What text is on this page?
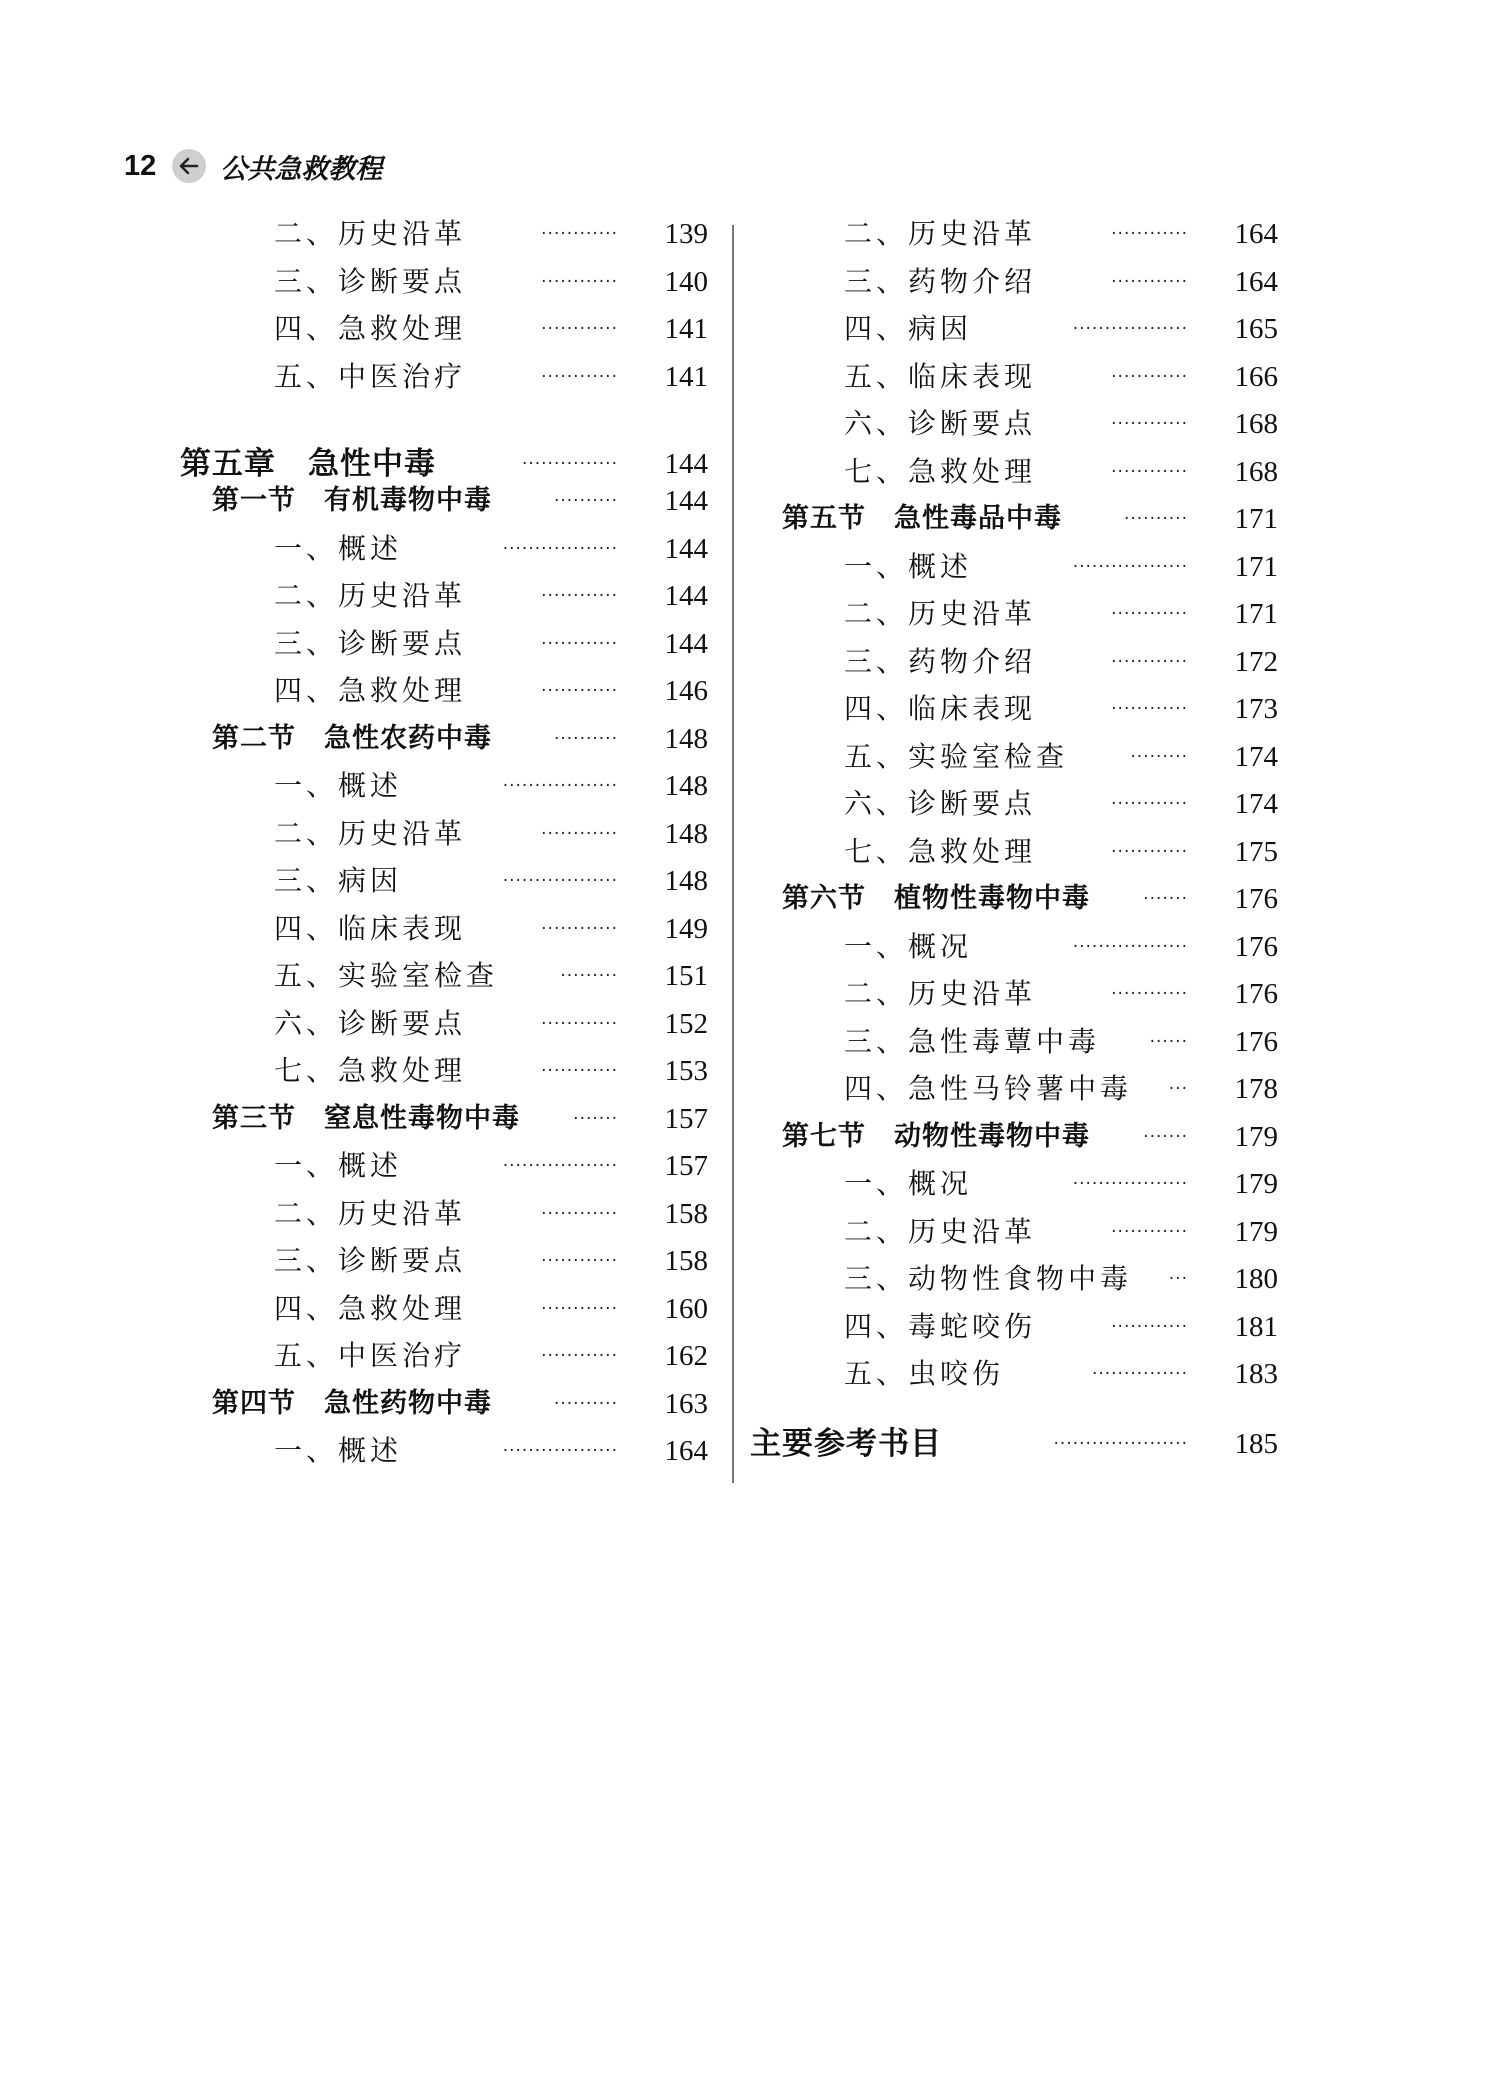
12 公共急救教程
二、历史沿革	············	139
三、诊断要点	············	140
四、急救处理	············	141
五、中医治疗	············	141
第五章　急性中毒	···············	144
第一节　有机毒物中毒	··········	144
一、概述	··················	144
二、历史沿革	············	144
三、诊断要点	············	144
四、急救处理	············	146
第二节　急性农药中毒	··········	148
一、概述	··················	148
二、历史沿革	············	148
三、病因	··················	148
四、临床表现	············	149
五、实验室检查	·········	151
六、诊断要点	············	152
七、急救处理	············	153
第三节　窒息性毒物中毒	·······	157
一、概述	··················	157
二、历史沿革	············	158
三、诊断要点	············	158
四、急救处理	············	160
五、中医治疗	············	162
第四节　急性药物中毒	··········	163
一、概述	··················	164
二、历史沿革	············	164
三、药物介绍	············	164
四、病因	··················	165
五、临床表现	············	166
六、诊断要点	············	168
七、急救处理	············	168
第五节　急性毒品中毒	··········	171
一、概述	··················	171
二、历史沿革	············	171
三、药物介绍	············	172
四、临床表现	············	173
五、实验室检查	·········	174
六、诊断要点	············	174
七、急救处理	············	175
第六节　植物性毒物中毒	·······	176
一、概况	··················	176
二、历史沿革	············	176
三、急性毒蕈中毒	······	176
四、急性马铃薯中毒	···	178
第七节　动物性毒物中毒	·······	179
一、概况	··················	179
二、历史沿革	············	179
三、动物性食物中毒	···	180
四、毒蛇咬伤	············	181
五、虫咬伤	···············	183
主要参考书目	·····················	185
